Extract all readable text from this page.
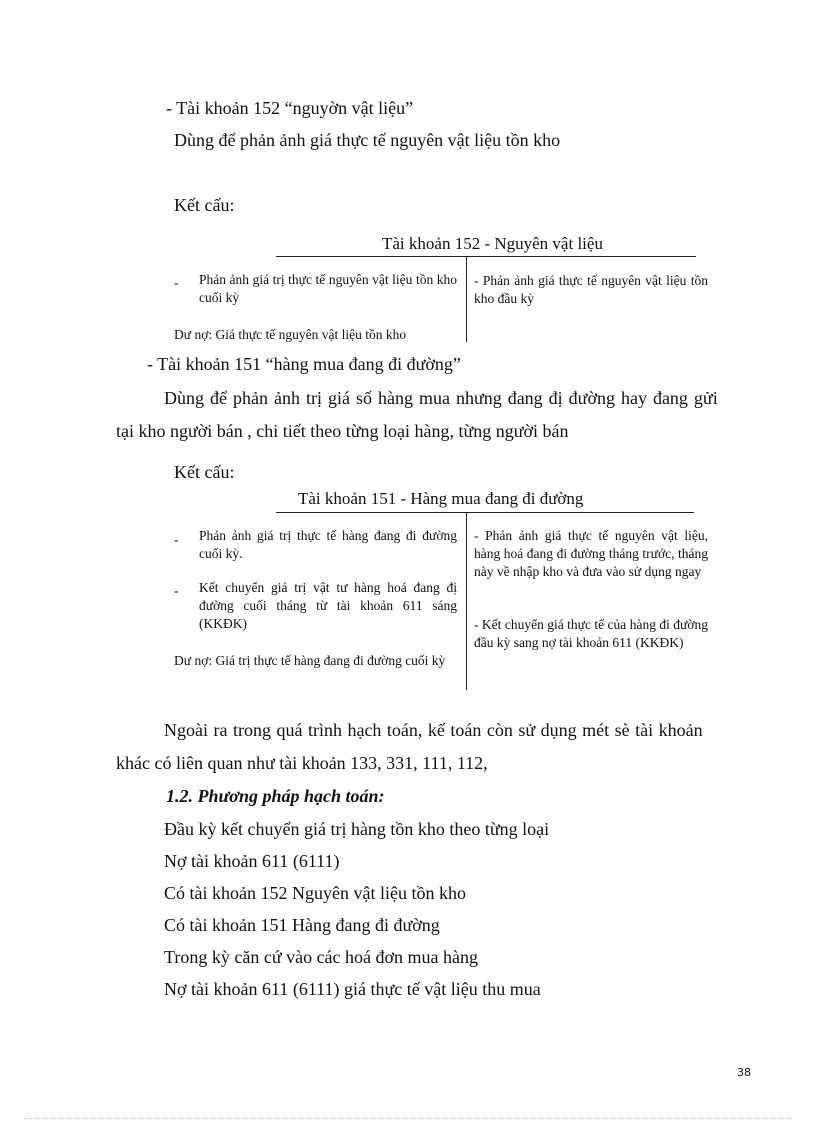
- Tài khoản 152 “nguyờn vật liệu”
Dùng để phản ảnh giá thực tế nguyên vật liệu tồn kho
Kết cấu:
Tài khoản 152 - Nguyên vật liệu
- Phản ảnh giá trị thực tế nguyên vật liệu tồn kho cuối kỳ
Dư nợ: Giá thực tế nguyên vật liệu tồn kho
- Phản ảnh giá thực tế nguyên vật liệu tồn kho đầu kỳ
- Tài khoản 151 “hàng mua đang đi đường”
Dùng để phản ảnh trị giá số hàng mua nhưng đang đị đường hay đang gửi
tại kho người bán , chi tiết theo từng loại hàng, từng người bán
Kết cấu:
Tài khoản 151 - Hàng mua đang đi đường
- Phản ảnh giá trị thực tế hàng đang đi đường cuối kỳ.
- Kết chuyển giá trị vật tư hàng hoá đang đị đường cuối tháng từ tài khoản 611 sáng (KKĐK)
Dư nợ: Giá trị thực tế hàng đang đi đường cuối kỳ
- Phản ảnh giá thực tế nguyên vật liệu, hàng hoá đang đi đường tháng trước, tháng này về nhập kho và đưa vào sử dụng ngay
- Kết chuyển giá thực tế của hàng đi đường đầu kỳ sang nợ tài khoản 611 (KKĐK)
Ngoài ra trong quá trình hạch toán, kế toán còn sử dụng mét sè tài khoản
khác có liên quan như tài khoản 133, 331, 111, 112,
1.2. Phương pháp hạch toán:
Đầu kỳ kết chuyển giá trị hàng tồn kho theo từng loại
Nợ tài khoản 611 (6111)
Có tài khoản 152 Nguyên vật liệu tồn kho
Có tài khoản 151 Hàng đang đi đường
Trong kỳ căn cứ vào các hoá đơn mua hàng
Nợ tài khoản 611 (6111) giá thực tế vật liệu thu mua
38
